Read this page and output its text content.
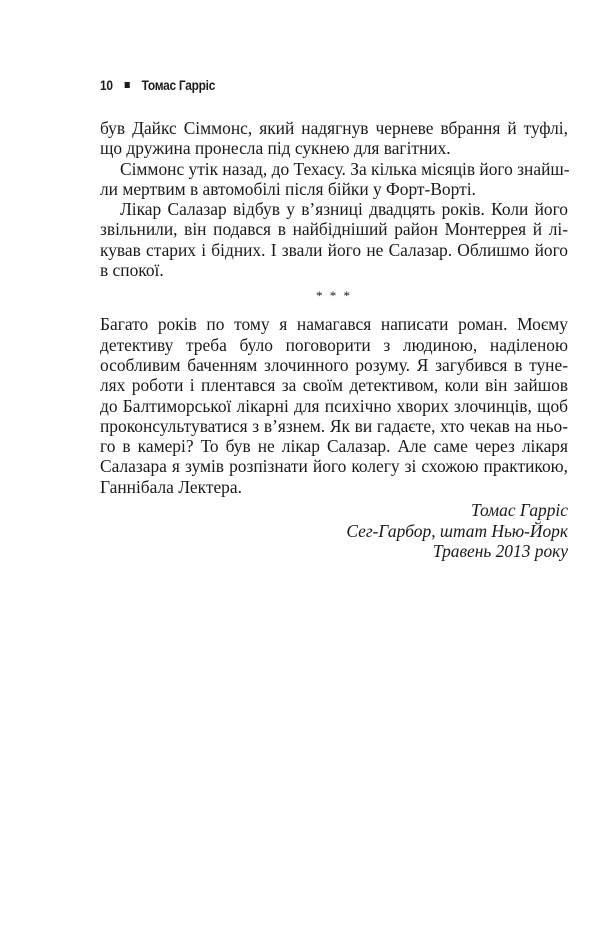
10 Томас Гарріс
був Дайкс Сіммонс, який надягнув черневе вбрання й туфлі,
що дружина пронесла під сукнею для вагітних.
Сіммонс утік назад, до Техасу. За кілька місяців його знайш-
ли мертвим в автомобілі після бійки у Форт-Ворті.
Лікар Салазар відбув у в’язниці двадцять років. Коли його
звільнили, він подався в найбідніший район Монтеррея й лі-
кував старих і бідних. І звали його не Салазар. Облишмо його
в спокої.
* * *
Багато років по тому я намагався написати роман. Моєму
детективу треба було поговорити з людиною, наділеною
особливим баченням злочинного розуму. Я загубився в туне-
лях роботи і плентався за своїм детективом, коли він зайшов
до Балтиморської лікарні для психічно хворих злочинців, щоб
проконсультуватися з в’язнем. Як ви гадаєте, хто чекав на ньо-
го в камері? То був не лікар Салазар. Але саме через лікаря
Салазара я зумів розпізнати його колегу зі схожою практикою,
Ганнібала Лектера.
Томас Гарріс
Сег-Гарбор, штат Нью-Йорк
Травень 2013 року
